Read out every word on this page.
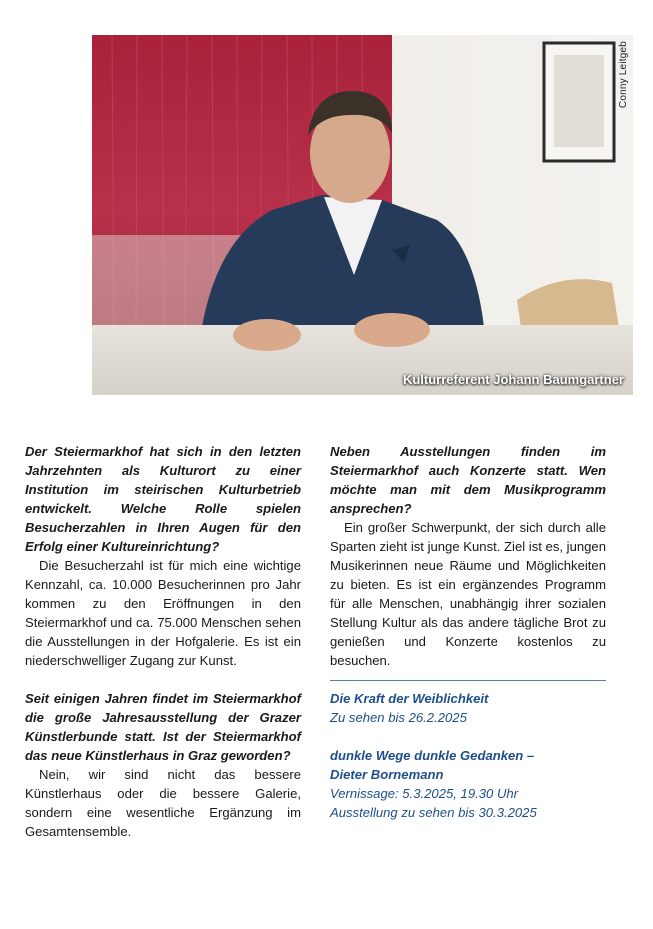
Conny Leitgeb
Kulturreferent Johann Baumgartner

Der Steiermarkhof hat sich in den letzten Jahrzehnten als Kulturort zu einer Institution im steirischen Kulturbetrieb entwickelt. Welche Rolle spielen Besucherzahlen in Ihren Augen für den Erfolg einer Kultureinrichtung?

Die Besucherzahl ist für mich eine wichtige Kennzahl, ca. 10.000 Besucherinnen pro Jahr kommen zu den Eröffnungen in den Steiermarkhof und ca. 75.000 Menschen sehen die Ausstellungen in der Hofgalerie. Es ist ein niederschwelliger Zugang zur Kunst.

Seit einigen Jahren findet im Steiermarkhof die große Jahresausstellung der Grazer Künstlerbunde statt. Ist der Steiermarkhof das neue Künstlerhaus in Graz geworden?

Nein, wir sind nicht das bessere Künstlerhaus oder die bessere Galerie, sondern eine wesentliche Ergänzung im Gesamtensemble.

Neben Ausstellungen finden im Steiermarkhof auch Konzerte statt. Wen möchte man mit dem Musikprogramm ansprechen?

Ein großer Schwerpunkt, der sich durch alle Sparten zieht ist junge Kunst. Ziel ist es, jungen Musikerinnen neue Räume und Möglichkeiten zu bieten. Es ist ein ergänzendes Programm für alle Menschen, unabhängig ihrer sozialen Stellung Kultur als das andere tägliche Brot zu genießen und Konzerte kostenlos zu besuchen.

Die Kraft der Weiblichkeit

Zu sehen bis 26.2.2025

dunkle Wege dunkle Gedanken –

Dieter Bornemann

Vernissage: 5.3.2025, 19.30 Uhr

Ausstellung zu sehen bis 30.3.2025
